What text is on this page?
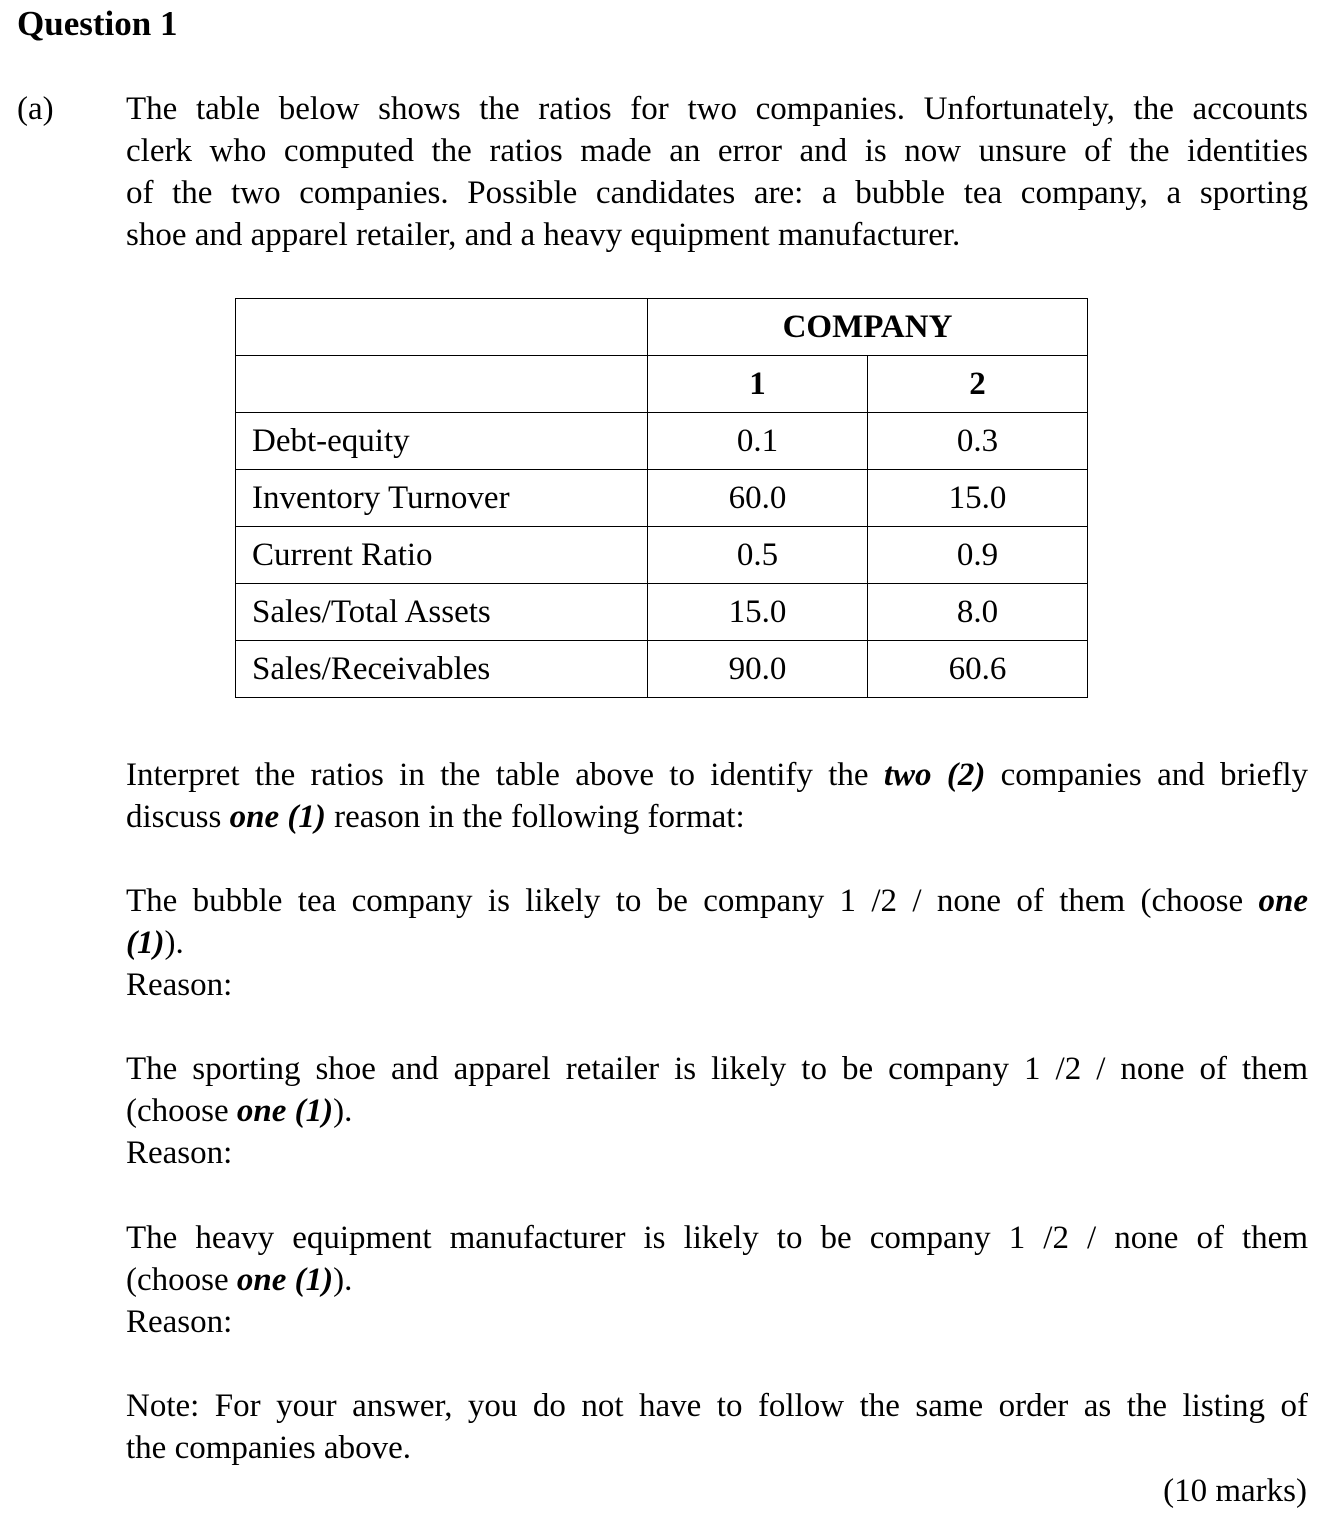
Question 1
(a) The table below shows the ratios for two companies. Unfortunately, the accounts
clerk who computed the ratios made an error and is now unsure of the identities
of the two companies. Possible candidates are: a bubble tea company, a sporting
shoe and apparel retailer, and a heavy equipment manufacturer.
	COMPANY	
	1	2
Debt-equity	0.1	0.3
Inventory Turnover	60.0	15.0
Current Ratio	0.5	0.9
Sales/Total Assets	15.0	8.0
Sales/Receivables	90.0	60.6
Interpret the ratios in the table above to identify the two (2) companies and briefly
discuss one (1) reason in the following format:
The bubble tea company is likely to be company 1 /2 / none of them (choose one
(1)).
Reason:
The sporting shoe and apparel retailer is likely to be company 1 /2 / none of them
(choose one (1)).
Reason:
The heavy equipment manufacturer is likely to be company 1 /2 / none of them
(choose one (1)).
Reason:
Note: For your answer, you do not have to follow the same order as the listing of
the companies above.
(10 marks)
